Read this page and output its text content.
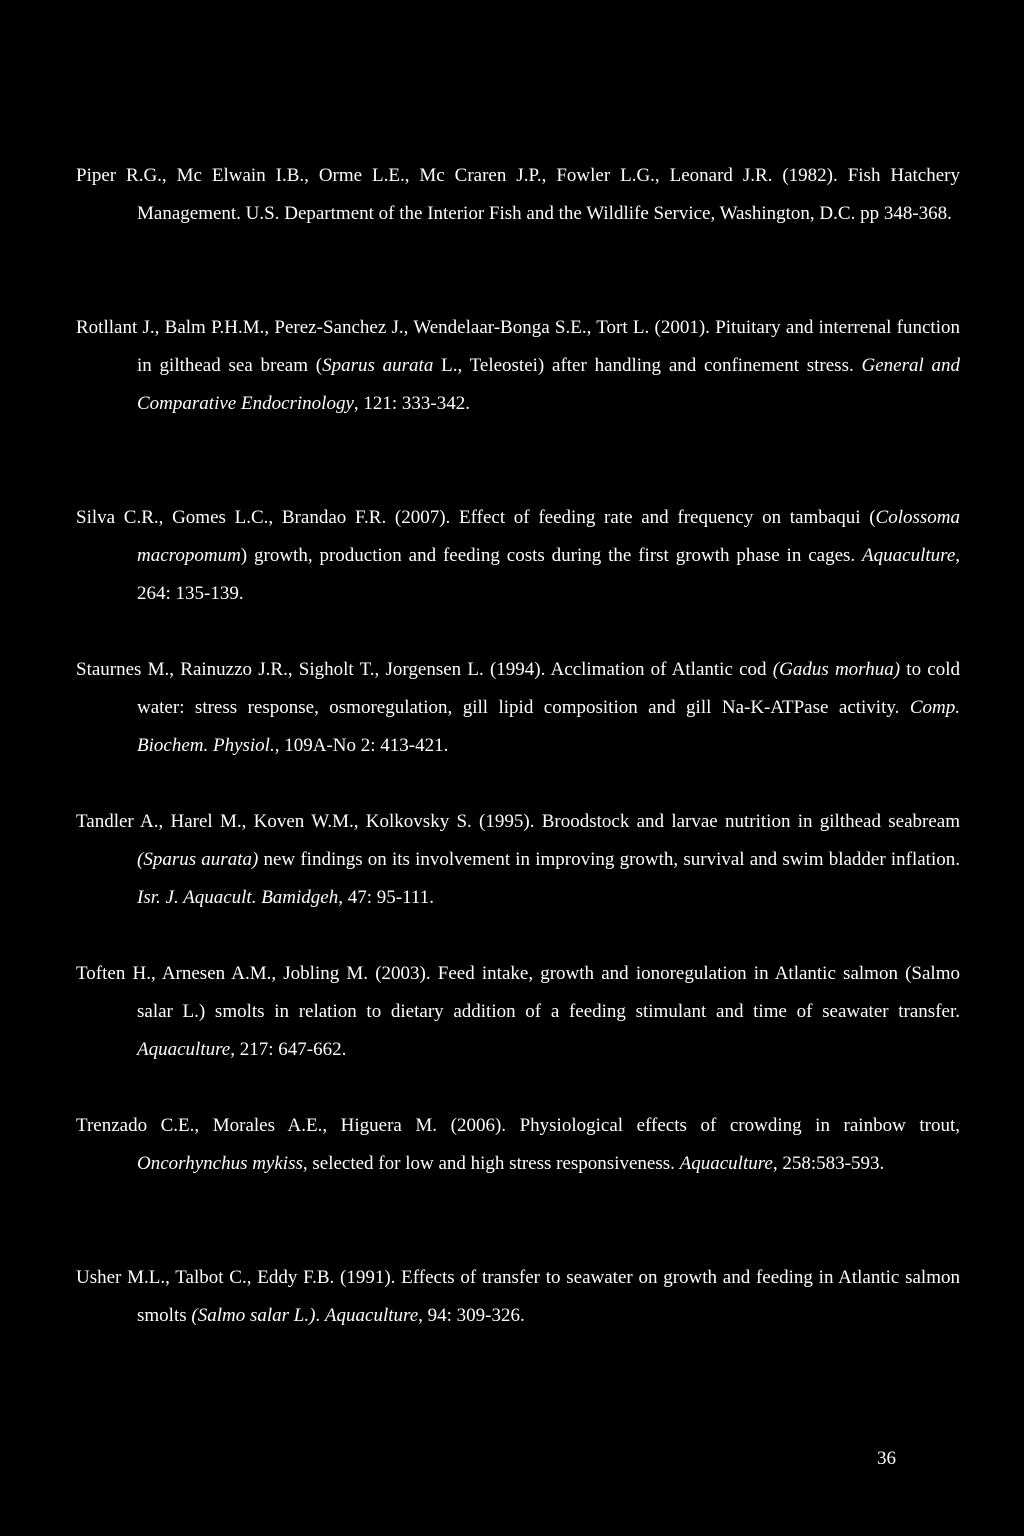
Piper R.G., Mc Elwain I.B., Orme L.E., Mc Craren J.P., Fowler L.G., Leonard J.R. (1982). Fish Hatchery Management. U.S. Department of the Interior Fish and the Wildlife Service, Washington, D.C. pp 348-368.

Rotllant J., Balm P.H.M., Perez-Sanchez J., Wendelaar-Bonga S.E., Tort L. (2001). Pituitary and interrenal function in gilthead sea bream (Sparus aurata L., Teleostei) after handling and confinement stress. General and Comparative Endocrinology, 121: 333-342.

Silva C.R., Gomes L.C., Brandao F.R. (2007). Effect of feeding rate and frequency on tambaqui (Colossoma macropomum) growth, production and feeding costs during the first growth phase in cages. Aquaculture, 264: 135-139.

Staurnes M., Rainuzzo J.R., Sigholt T., Jorgensen L. (1994). Acclimation of Atlantic cod (Gadus morhua) to cold water: stress response, osmoregulation, gill lipid composition and gill Na-K-ATPase activity. Comp. Biochem. Physiol., 109A-No 2: 413-421.

Tandler A., Harel M., Koven W.M., Kolkovsky S. (1995). Broodstock and larvae nutrition in gilthead seabream (Sparus aurata) new findings on its involvement in improving growth, survival and swim bladder inflation. Isr. J. Aquacult. Bamidgeh, 47: 95-111.

Toften H., Arnesen A.M., Jobling M. (2003). Feed intake, growth and ionoregulation in Atlantic salmon (Salmo salar L.) smolts in relation to dietary addition of a feeding stimulant and time of seawater transfer. Aquaculture, 217: 647-662.

Trenzado C.E., Morales A.E., Higuera M. (2006). Physiological effects of crowding in rainbow trout, Oncorhynchus mykiss, selected for low and high stress responsiveness. Aquaculture, 258:583-593.

Usher M.L., Talbot C., Eddy F.B. (1991). Effects of transfer to seawater on growth and feeding in Atlantic salmon smolts (Salmo salar L.). Aquaculture, 94: 309-326.

36
